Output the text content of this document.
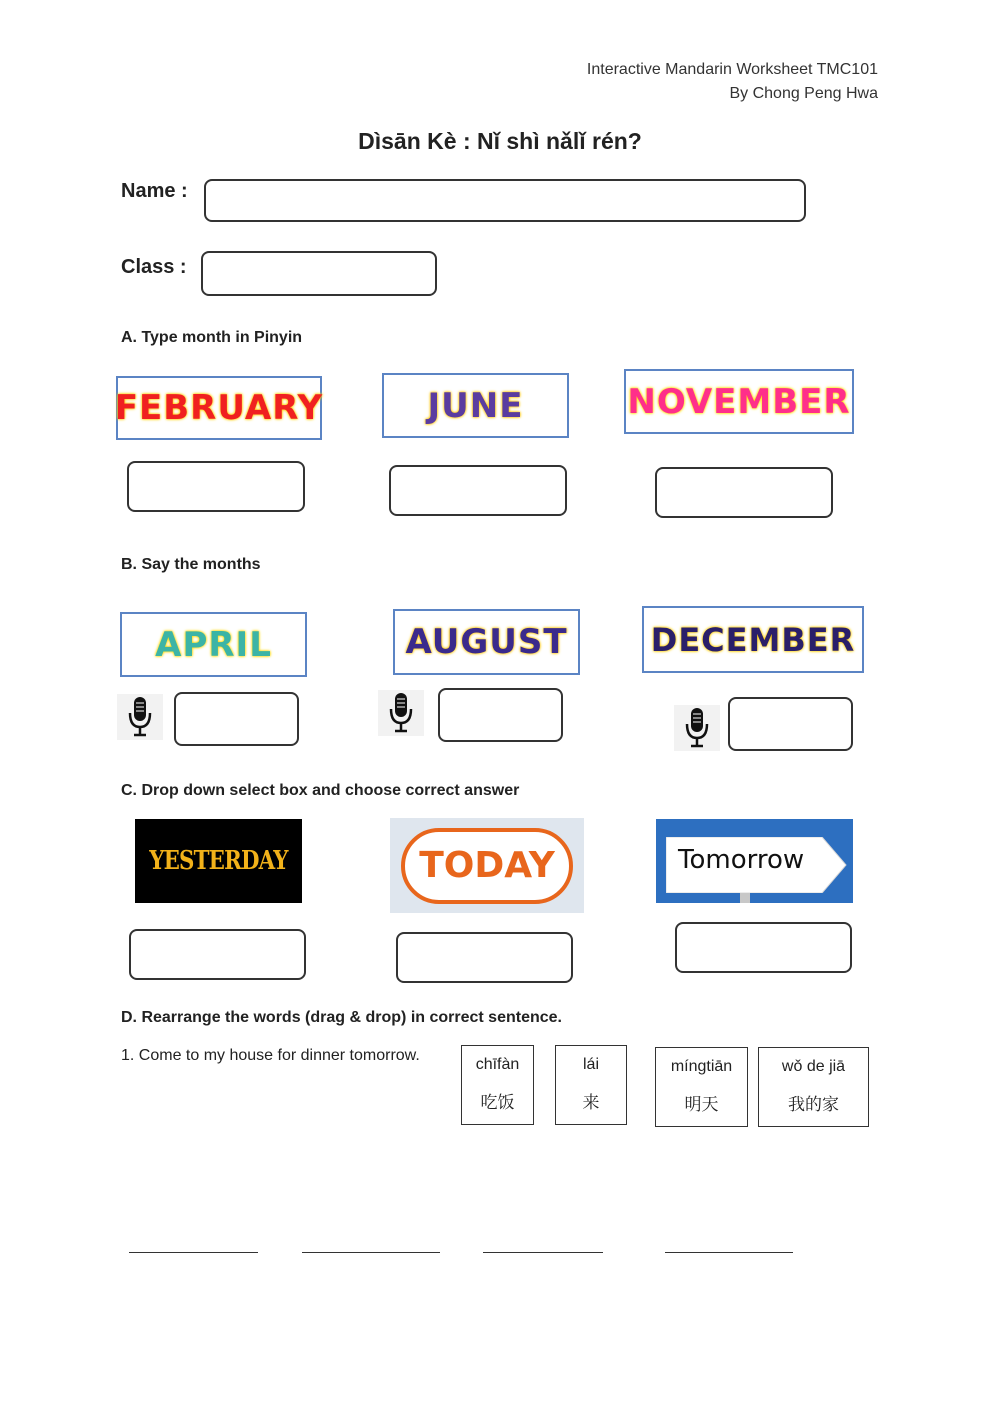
Interactive Mandarin Worksheet TMC101
By Chong Peng Hwa
Dìsān Kè : Nǐ shì nǎlǐ rén?
Name :
Class :
A. Type month in Pinyin
FEBRUARY	JUNE	NOVEMBER
B. Say the months
APRIL	AUGUST	DECEMBER
C. Drop down select box and choose correct answer
YESTERDAY	TODAY	Tomorrow
D. Rearrange the words (drag & drop) in correct sentence.
1. Come to my house for dinner tomorrow.
chīfàn
吃饭
lái
来
míngtiān
明天
wǒ de jiā
我的家
